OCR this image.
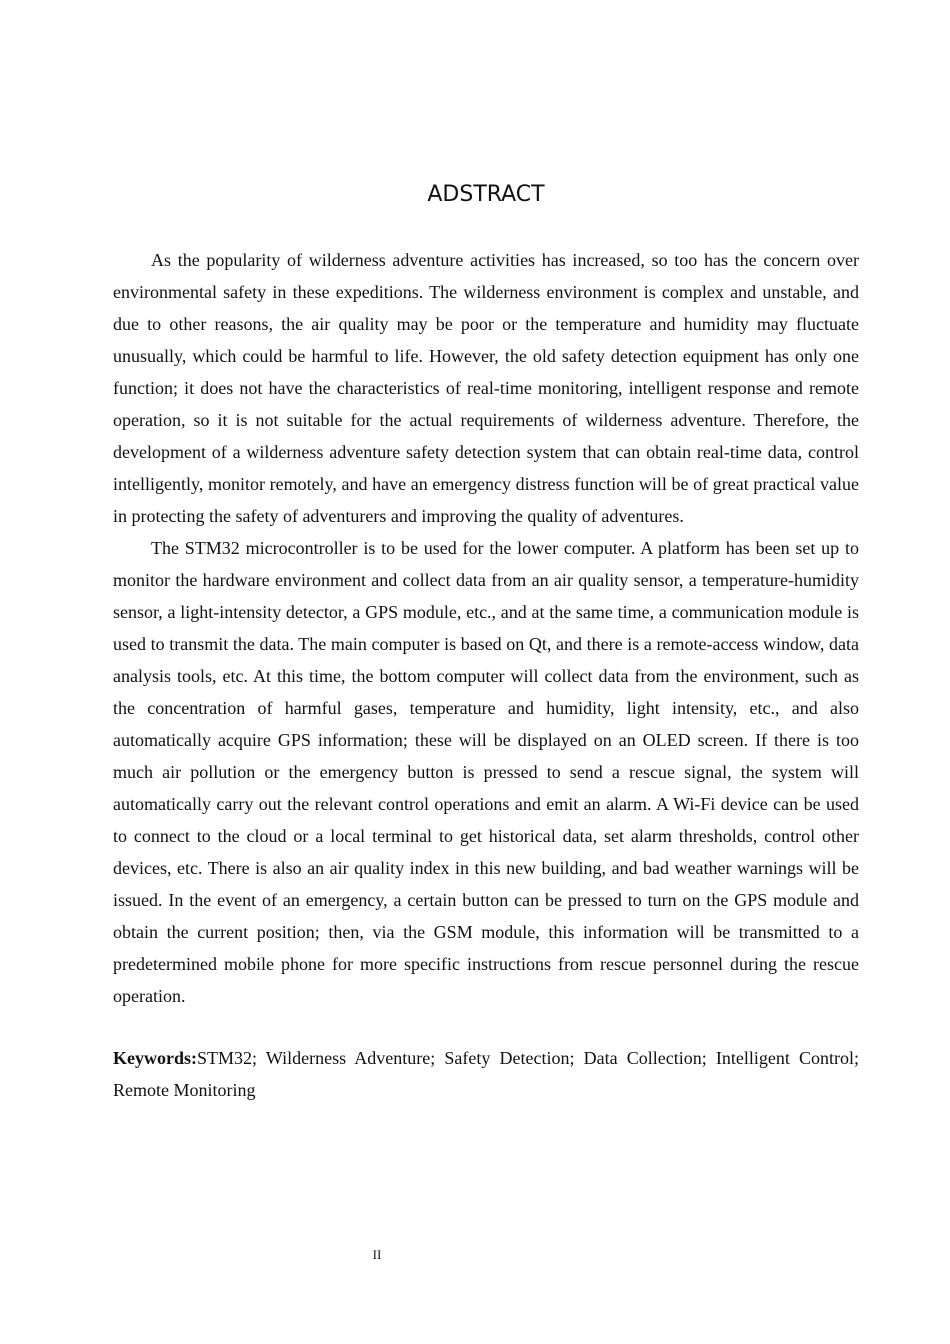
ADSTRACT

As the popularity of wilderness adventure activities has increased, so too has the concern over environmental safety in these expeditions. The wilderness environment is complex and unstable, and due to other reasons, the air quality may be poor or the temperature and humidity may fluctuate unusually, which could be harmful to life. However, the old safety detection equipment has only one function; it does not have the characteristics of real-time monitoring, intelligent response and remote operation, so it is not suitable for the actual requirements of wilderness adventure. Therefore, the development of a wilderness adventure safety detection system that can obtain real-time data, control intelligently, monitor remotely, and have an emergency distress function will be of great practical value in protecting the safety of adventurers and improving the quality of adventures.

The STM32 microcontroller is to be used for the lower computer. A platform has been set up to monitor the hardware environment and collect data from an air quality sensor, a temperature-humidity sensor, a light-intensity detector, a GPS module, etc., and at the same time, a communication module is used to transmit the data. The main computer is based on Qt, and there is a remote-access window, data analysis tools, etc. At this time, the bottom computer will collect data from the environment, such as the concentration of harmful gases, temperature and humidity, light intensity, etc., and also automatically acquire GPS information; these will be displayed on an OLED screen. If there is too much air pollution or the emergency button is pressed to send a rescue signal, the system will automatically carry out the relevant control operations and emit an alarm. A Wi-Fi device can be used to connect to the cloud or a local terminal to get historical data, set alarm thresholds, control other devices, etc. There is also an air quality index in this new building, and bad weather warnings will be issued. In the event of an emergency, a certain button can be pressed to turn on the GPS module and obtain the current position; then, via the GSM module, this information will be transmitted to a predetermined mobile phone for more specific instructions from rescue personnel during the rescue operation.

Keywords:STM32; Wilderness Adventure; Safety Detection; Data Collection; Intelligent Control; Remote Monitoring

II
